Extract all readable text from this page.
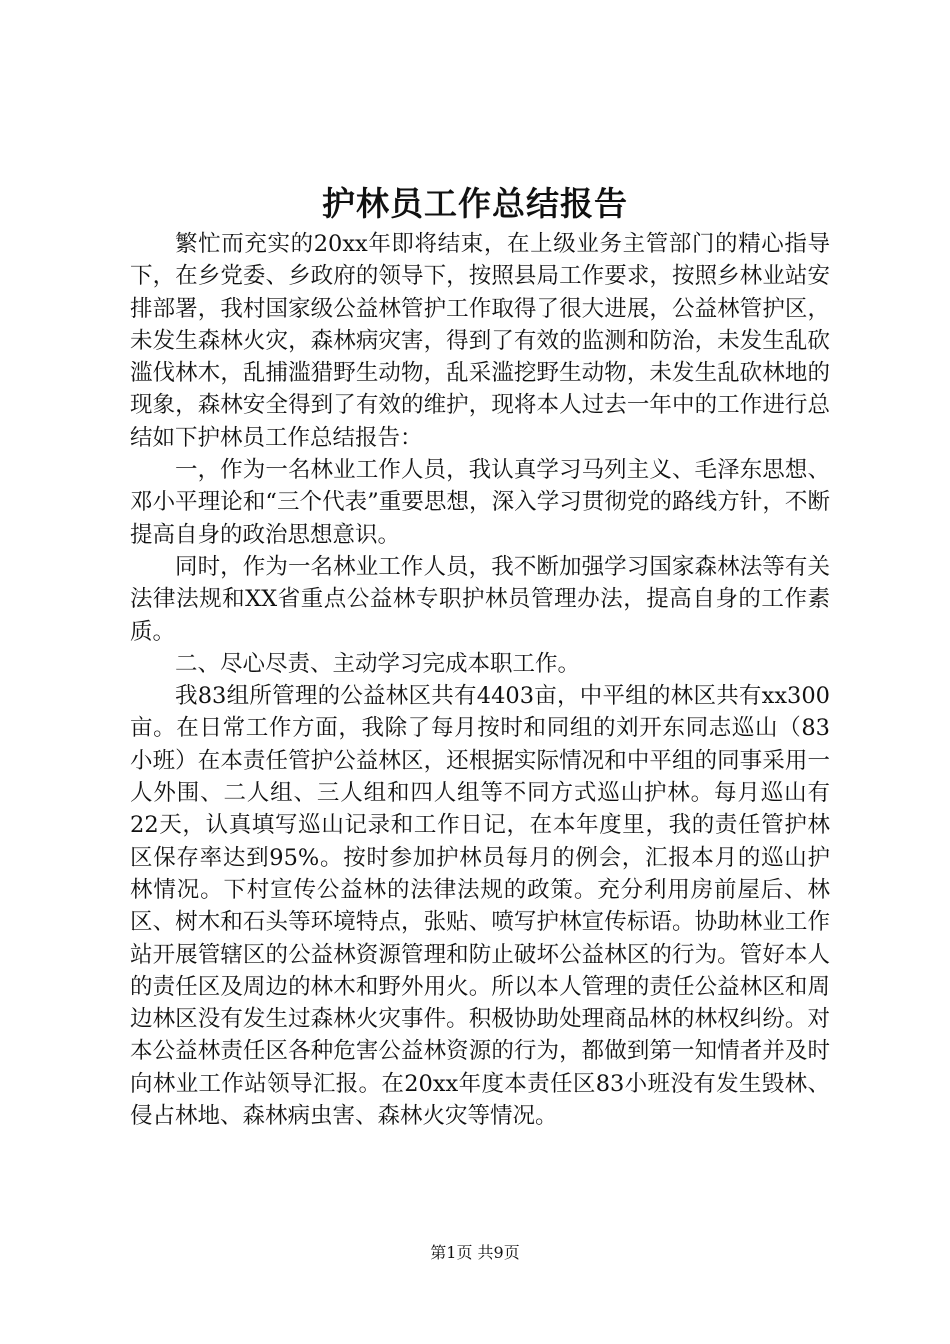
护林员工作总结报告

繁忙而充实的20xx年即将结束，在上级业务主管部门的精心指导下，在乡党委、乡政府的领导下，按照县局工作要求，按照乡林业站安排部署，我村国家级公益林管护工作取得了很大进展，公益林管护区，未发生森林火灾，森林病灾害，得到了有效的监测和防治，未发生乱砍滥伐林木，乱捕滥猎野生动物，乱采滥挖野生动物，未发生乱砍林地的现象，森林安全得到了有效的维护，现将本人过去一年中的工作进行总结如下护林员工作总结报告：

一，作为一名林业工作人员，我认真学习马列主义、毛泽东思想、邓小平理论和“三个代表”重要思想，深入学习贯彻党的路线方针，不断提高自身的政治思想意识。

同时，作为一名林业工作人员，我不断加强学习国家森林法等有关法律法规和XX省重点公益林专职护林员管理办法，提高自身的工作素质。

二、尽心尽责、主动学习完成本职工作。

我83组所管理的公益林区共有4403亩，中平组的林区共有xx300亩。在日常工作方面，我除了每月按时和同组的刘开东同志巡山（83小班）在本责任管护公益林区，还根据实际情况和中平组的同事采用一人外围、二人组、三人组和四人组等不同方式巡山护林。每月巡山有22天，认真填写巡山记录和工作日记，在本年度里，我的责任管护林区保存率达到95%。按时参加护林员每月的例会，汇报本月的巡山护林情况。下村宣传公益林的法律法规的政策。充分利用房前屋后、林区、树木和石头等环境特点，张贴、喷写护林宣传标语。协助林业工作站开展管辖区的公益林资源管理和防止破坏公益林区的行为。管好本人的责任区及周边的林木和野外用火。所以本人管理的责任公益林区和周边林区没有发生过森林火灾事件。积极协助处理商品林的林权纠纷。对本公益林责任区各种危害公益林资源的行为，都做到第一知情者并及时向林业工作站领导汇报。在20xx年度本责任区83小班没有发生毁林、侵占林地、森林病虫害、森林火灾等情况。

第1页 共9页
